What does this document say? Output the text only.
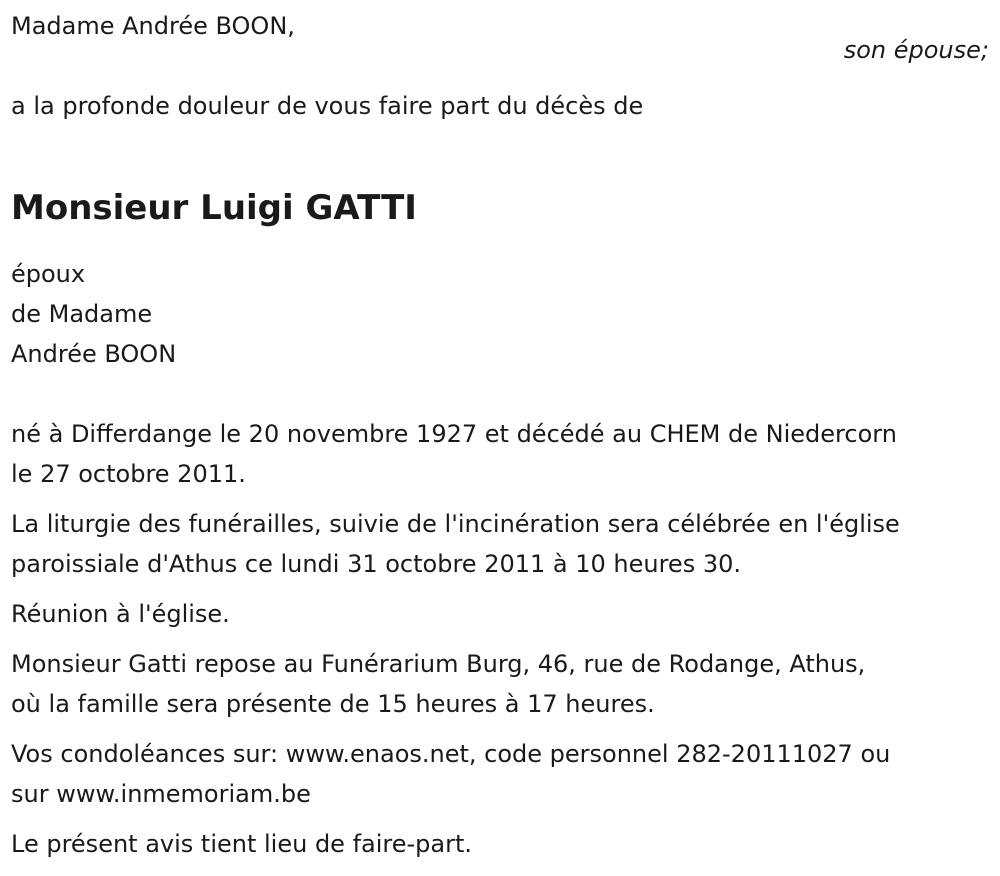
Madame Andrée BOON,

son épouse;

a la profonde douleur de vous faire part du décès de

Monsieur Luigi GATTI

époux

de Madame

Andrée BOON

né à Differdange le 20 novembre 1927 et décédé au CHEM de Niedercorn
le 27 octobre 2011.

La liturgie des funérailles, suivie de l'incinération sera célébrée en l'église
paroissiale d'Athus ce lundi 31 octobre 2011 à 10 heures 30.

Réunion à l'église.

Monsieur Gatti repose au Funérarium Burg, 46, rue de Rodange, Athus,
où la famille sera présente de 15 heures à 17 heures.

Vos condoléances sur: www.enaos.net, code personnel 282-20111027 ou
sur www.inmemoriam.be

Le présent avis tient lieu de faire-part.
